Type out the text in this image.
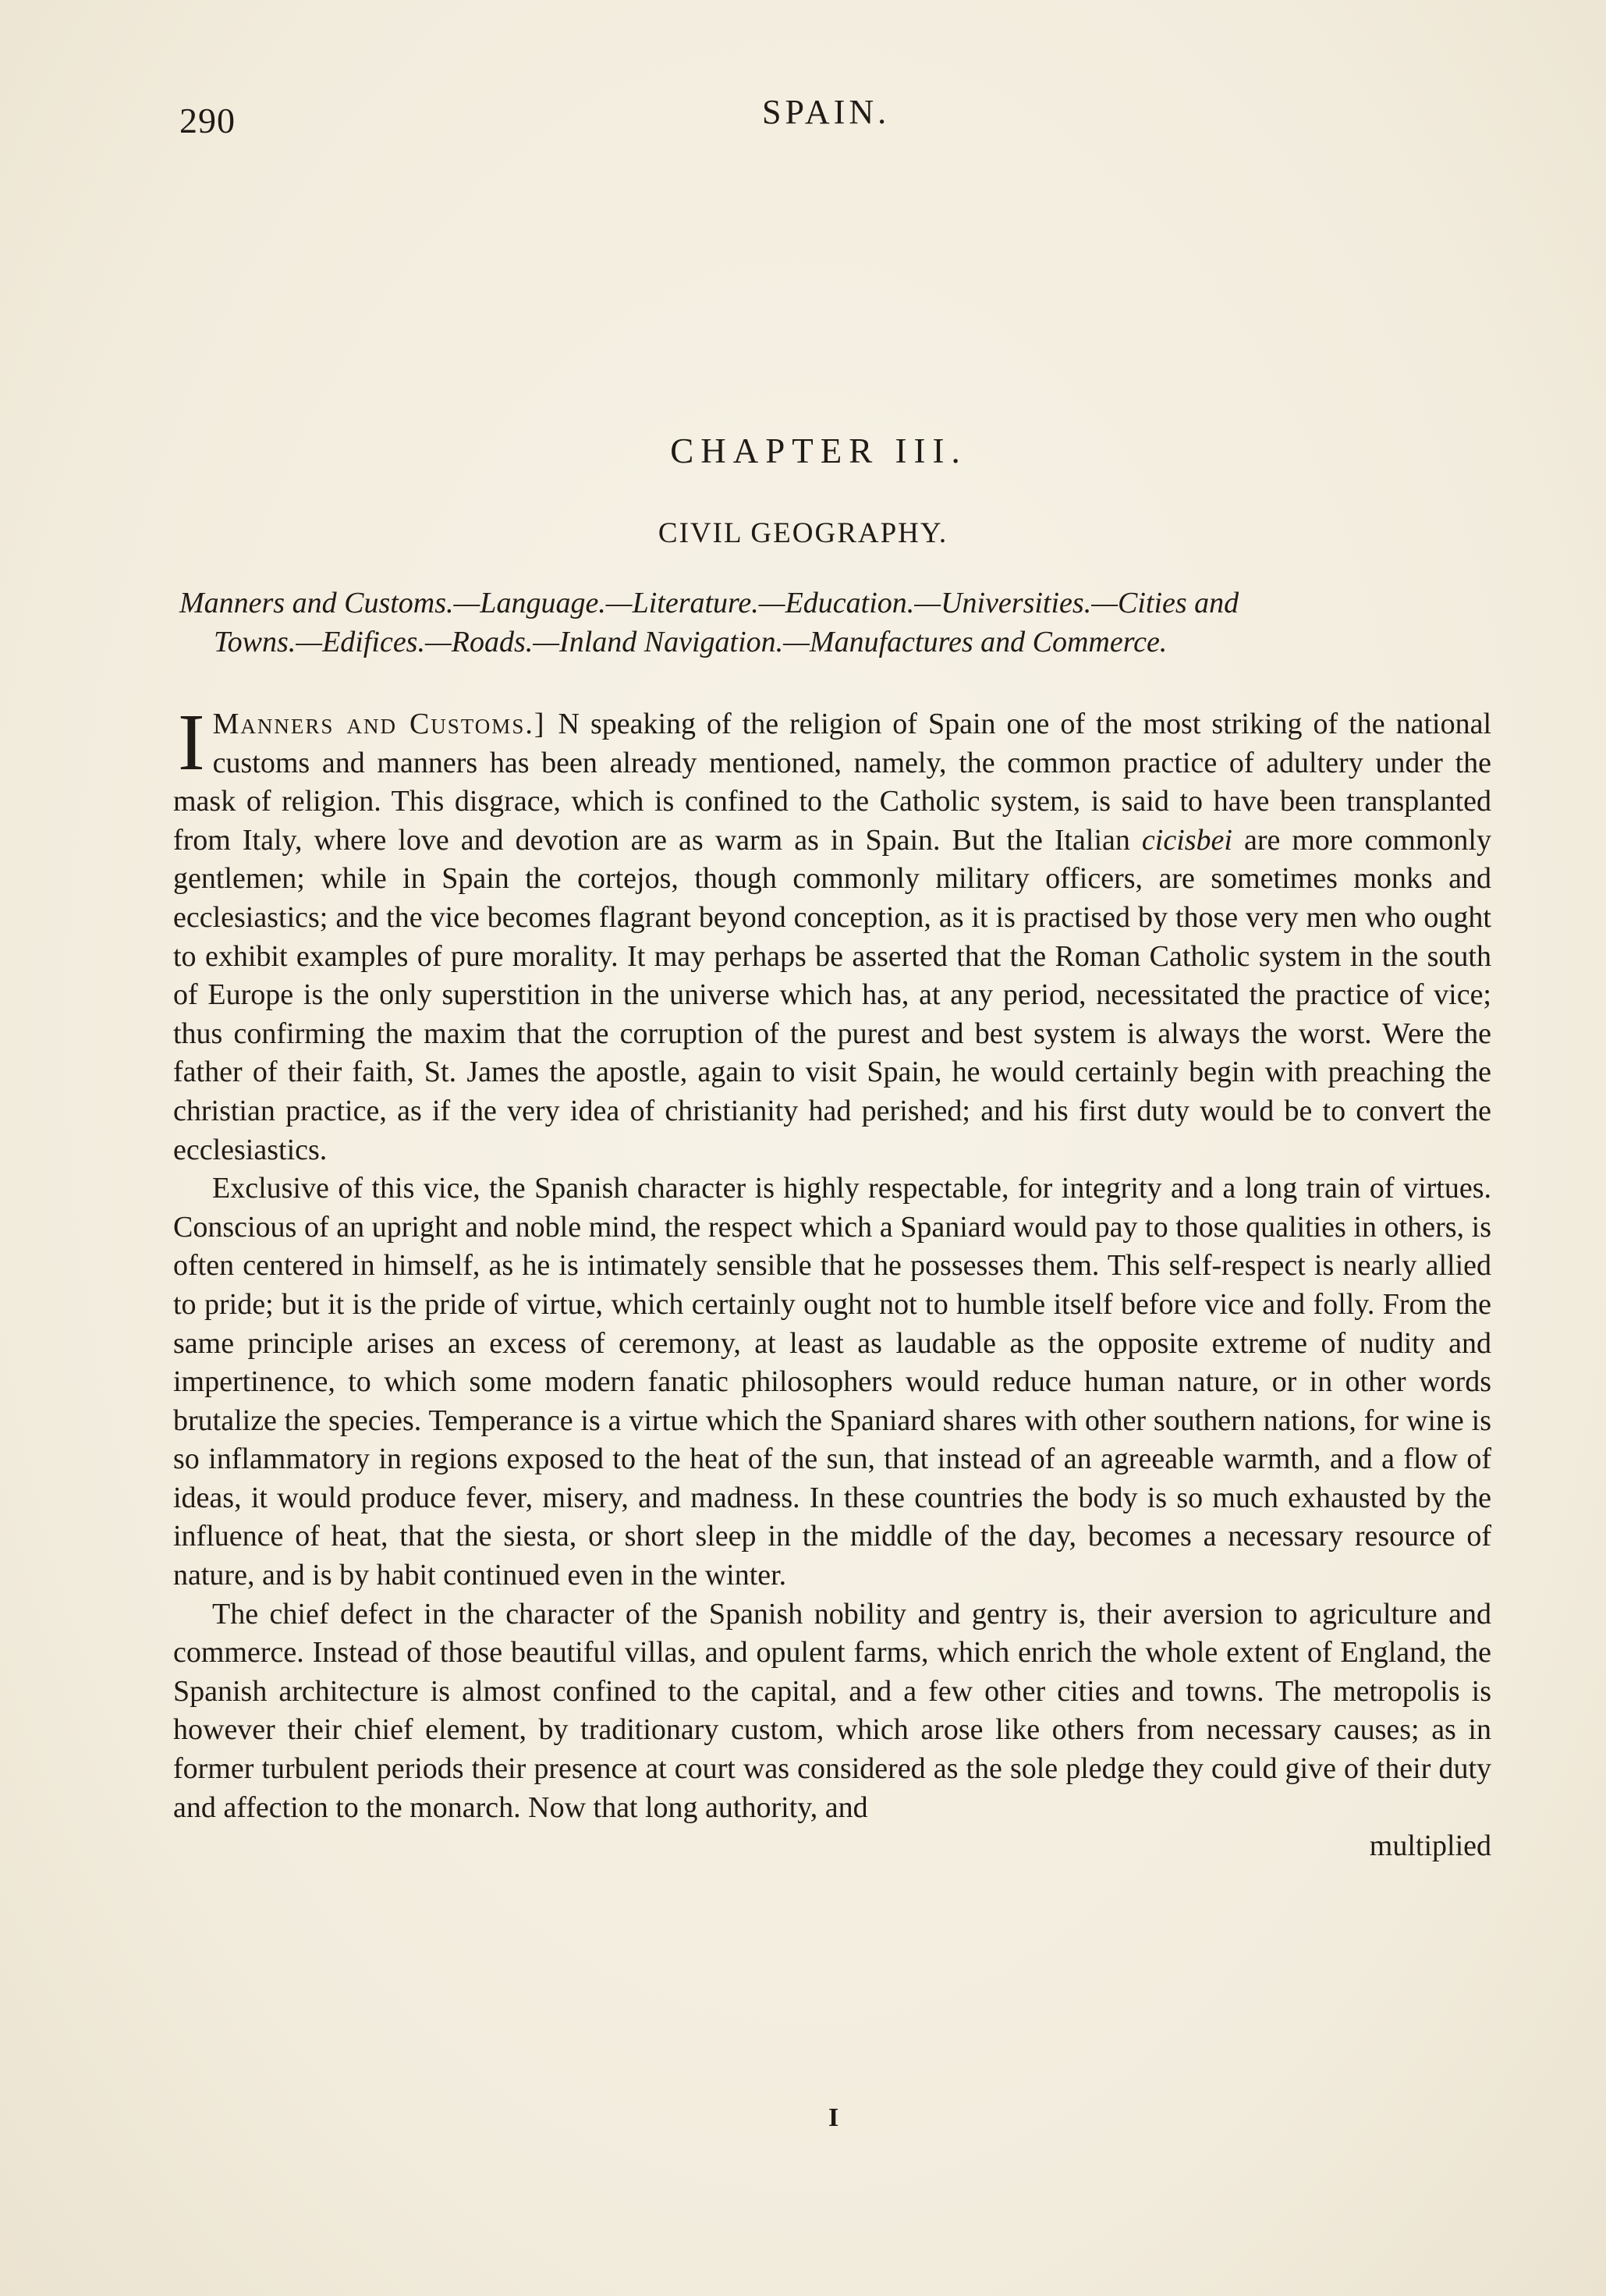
290	SPAIN.
CHAPTER III.
CIVIL GEOGRAPHY.
Manners and Customs.—Language.—Literature.—Education.—Universities.—Cities and
Towns.—Edifices.—Roads.—Inland Navigation.—Manufactures and Commerce.

Manners and Customs.]
I	N speaking of the religion of Spain one of the most striking of the national customs and manners has been already mentioned, namely, the common practice of adultery under the mask of religion. This disgrace, which is confined to the Catholic system, is said to have been transplanted from Italy, where love and devotion are as warm as in Spain. But the Italian cicisbei are more commonly gentlemen; while in Spain the cortejos, though commonly military officers, are sometimes monks and ecclesiastics; and the vice becomes flagrant beyond conception, as it is practised by those very men who ought to exhibit examples of pure morality. It may perhaps be asserted that the Roman Catholic system in the south of Europe is the only superstition in the universe which has, at any period, necessitated the practice of vice; thus confirming the maxim that the corruption of the purest and best system is always the worst. Were the father of their faith, St. James the apostle, again to visit Spain, he would certainly begin with preaching the christian practice, as if the very idea of christianity had perished; and his first duty would be to convert the ecclesiastics.

Exclusive of this vice, the Spanish character is highly respectable, for integrity and a long train of virtues. Conscious of an upright and noble mind, the respect which a Spaniard would pay to those qualities in others, is often centered in himself, as he is intimately sensible that he possesses them. This self-respect is nearly allied to pride; but it is the pride of virtue, which certainly ought not to humble itself before vice and folly. From the same principle arises an excess of ceremony, at least as laudable as the opposite extreme of nudity and impertinence, to which some modern fanatic philosophers would reduce human nature, or in other words brutalize the species. Temperance is a virtue which the Spaniard shares with other southern nations, for wine is so inflammatory in regions exposed to the heat of the sun, that instead of an agreeable warmth, and a flow of ideas, it would produce fever, misery, and madness. In these countries the body is so much exhausted by the influence of heat, that the siesta, or short sleep in the middle of the day, becomes a necessary resource of nature, and is by habit continued even in the winter.

The chief defect in the character of the Spanish nobility and gentry is, their aversion to agriculture and commerce. Instead of those beautiful villas, and opulent farms, which enrich the whole extent of England, the Spanish architecture is almost confined to the capital, and a few other cities and towns. The metropolis is however their chief element, by traditionary custom, which arose like others from necessary causes; as in former turbulent periods their presence at court was considered as the sole pledge they could give of their duty and affection to the monarch. Now that long authority, and

multiplied

I
